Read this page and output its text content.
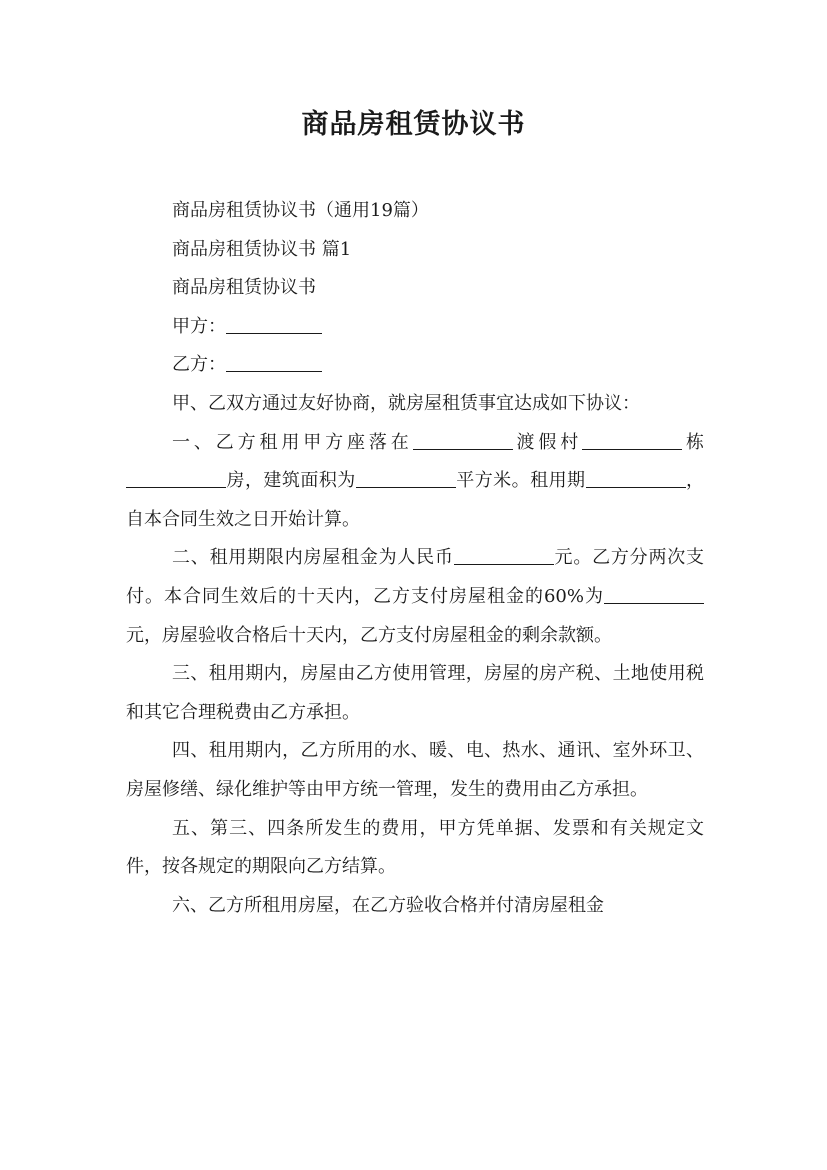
商品房租赁协议书

商品房租赁协议书（通用19篇）

商品房租赁协议书 篇1

商品房租赁协议书

甲方：

乙方：

甲、乙双方通过友好协商，就房屋租赁事宜达成如下协议：

一、乙方租用甲方座落在	渡假村	栋房，建筑面积为	平方米。租用期	，自本合同生效之日开始计算。

二、租用期限内房屋租金为人民币	元。乙方分两次支付。本合同生效后的十天内，乙方支付房屋租金的60%为元，房屋验收合格后十天内，乙方支付房屋租金的剩余款额。

三、租用期内，房屋由乙方使用管理，房屋的房产税、土地使用税和其它合理税费由乙方承担。

四、租用期内，乙方所用的水、暖、电、热水、通讯、室外环卫、房屋修缮、绿化维护等由甲方统一管理，发生的费用由乙方承担。

五、第三、四条所发生的费用，甲方凭单据、发票和有关规定文件，按各规定的期限向乙方结算。

六、乙方所租用房屋，在乙方验收合格并付清房屋租金
